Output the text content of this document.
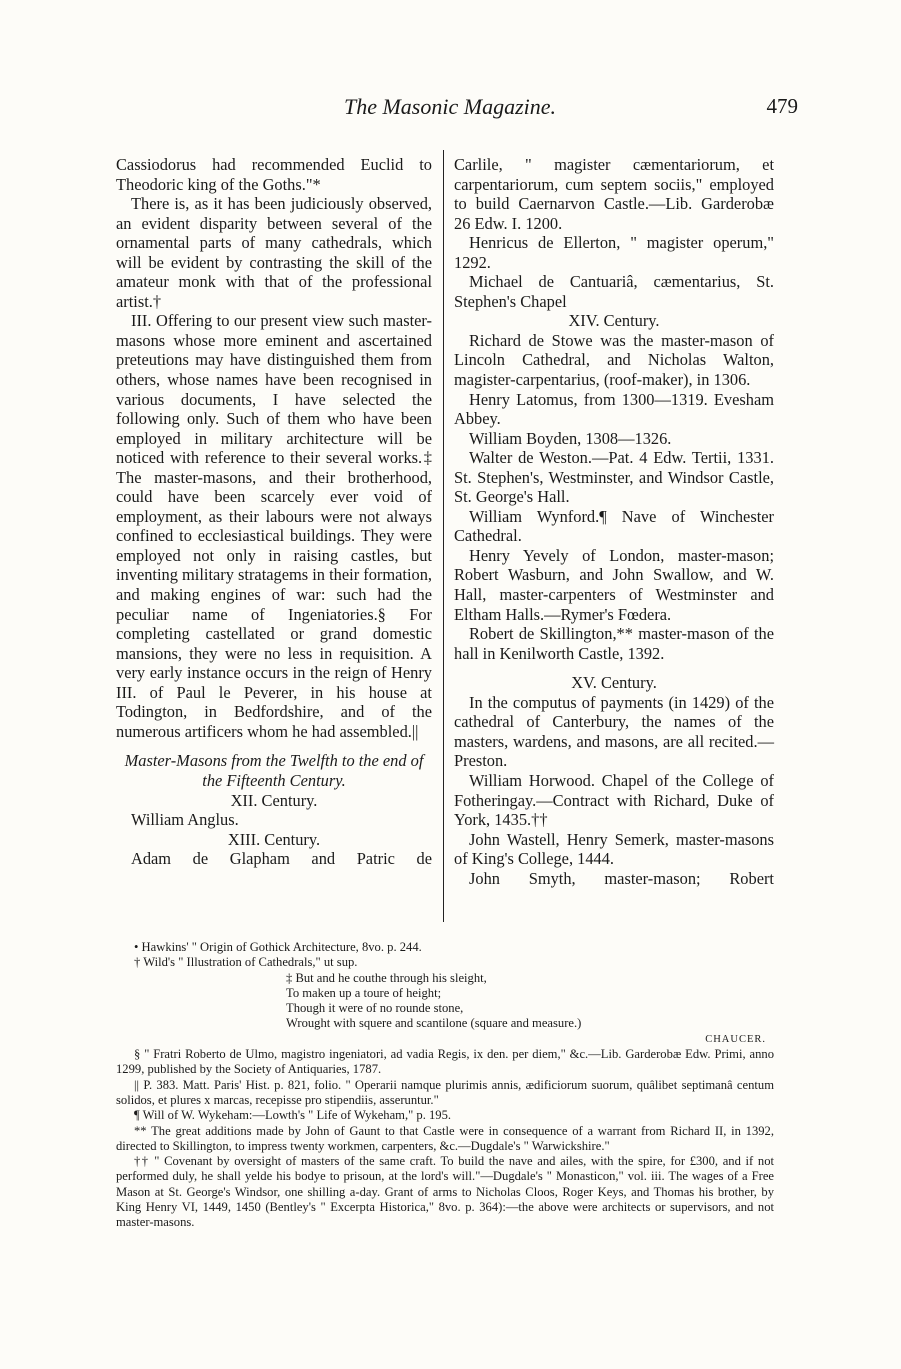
The Masonic Magazine.	479

Cassiodorus had recommended Euclid to Theodoric king of the Goths."*

There is, as it has been judiciously observed, an evident disparity between several of the ornamental parts of many cathedrals, which will be evident by contrasting the skill of the amateur monk with that of the professional artist.†

III. Offering to our present view such master-masons whose more eminent and ascertained preteutions may have distinguished them from others, whose names have been recognised in various documents, I have selected the following only. Such of them who have been employed in military architecture will be noticed with reference to their several works.‡ The master-masons, and their brotherhood, could have been scarcely ever void of employment, as their labours were not always confined to ecclesiastical buildings. They were employed not only in raising castles, but inventing military stratagems in their formation, and making engines of war: such had the peculiar name of Ingeniatories.§ For completing castellated or grand domestic mansions, they were no less in requisition. A very early instance occurs in the reign of Henry III. of Paul le Peverer, in his house at Todington, in Bedfordshire, and of the numerous artificers whom he had assembled.||

Master-Masons from the Twelfth to the end of the Fifteenth Century.

XII. Century.

William Anglus.

XIII. Century.

Adam de Glapham and Patric de

Carlile, " magister cæmentariorum, et carpentariorum, cum septem sociis," employed to build Caernarvon Castle.—Lib. Garderobæ 26 Edw. I. 1200.

Henricus de Ellerton, " magister operum," 1292.

Michael de Cantuariâ, cæmentarius, St. Stephen's Chapel

XIV. Century.

Richard de Stowe was the master-mason of Lincoln Cathedral, and Nicholas Walton, magister-carpentarius, (roof-maker), in 1306.

Henry Latomus, from 1300—1319. Evesham Abbey.

William Boyden, 1308—1326.

Walter de Weston.—Pat. 4 Edw. Tertii, 1331. St. Stephen's, Westminster, and Windsor Castle, St. George's Hall.

William Wynford.¶ Nave of Winchester Cathedral.

Henry Yevely of London, master-mason; Robert Wasburn, and John Swallow, and W. Hall, master-carpenters of Westminster and Eltham Halls.—Rymer's Fœdera.

Robert de Skillington,** master-mason of the hall in Kenilworth Castle, 1392.

XV. Century.

In the computus of payments (in 1429) of the cathedral of Canterbury, the names of the masters, wardens, and masons, are all recited.—Preston.

William Horwood. Chapel of the College of Fotheringay.—Contract with Richard, Duke of York, 1435.††

John Wastell, Henry Semerk, master-masons of King's College, 1444.

John Smyth, master-mason; Robert

• Hawkins' " Origin of Gothick Architecture, 8vo. p. 244.

† Wild's " Illustration of Cathedrals," ut sup.

‡ But and he couthe through his sleight,
To maken up a toure of height;
Though it were of no rounde stone,
Wrought with squere and scantilone (square and measure.)
CHAUCER.

§ " Fratri Roberto de Ulmo, magistro ingeniatori, ad vadia Regis, ix den. per diem," &c.—Lib. Garderobæ Edw. Primi, anno 1299, published by the Society of Antiquaries, 1787.

|| P. 383. Matt. Paris' Hist. p. 821, folio. " Operarii namque plurimis annis, ædificiorum suorum, quâlibet septimanâ centum solidos, et plures x marcas, recepisse pro stipendiis, asseruntur."

¶ Will of W. Wykeham:—Lowth's " Life of Wykeham," p. 195.

** The great additions made by John of Gaunt to that Castle were in consequence of a warrant from Richard II, in 1392, directed to Skillington, to impress twenty workmen, carpenters, &c.—Dugdale's " Warwickshire."

†† " Covenant by oversight of masters of the same craft. To build the nave and ailes, with the spire, for £300, and if not performed duly, he shall yelde his bodye to prisoun, at the lord's will."—Dugdale's " Monasticon," vol. iii. The wages of a Free Mason at St. George's Windsor, one shilling a-day. Grant of arms to Nicholas Cloos, Roger Keys, and Thomas his brother, by King Henry VI, 1449, 1450 (Bentley's " Excerpta Historica," 8vo. p. 364):—the above were architects or supervisors, and not master-masons.
